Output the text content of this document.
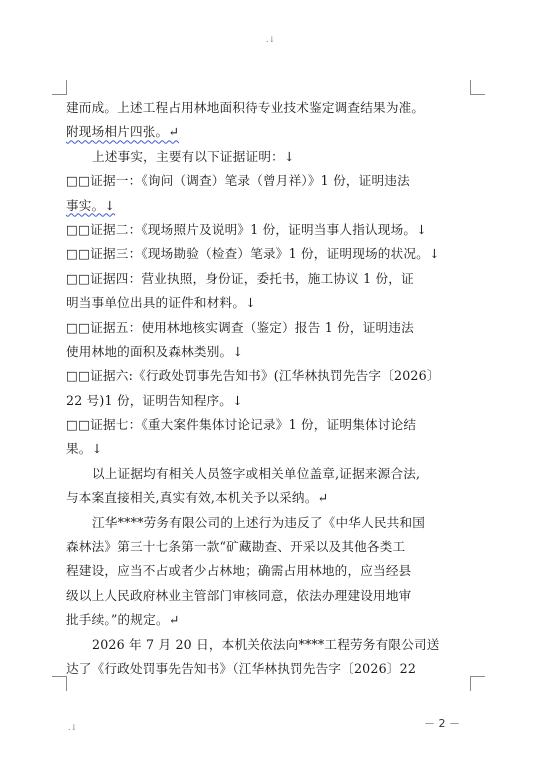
.↓
建而成。上述工程占用林地面积待专业技术鉴定调查结果为准。
附现场相片四张。↵
上述事实，主要有以下证据证明：↓
□□证据一：《询问（调查）笔录（曾月祥）》1 份，证明违法
事实。↓
□□证据二：《现场照片及说明》1 份，证明当事人指认现场。↓
□□证据三：《现场勘验（检查）笔录》1 份，证明现场的状况。↓
□□证据四：营业执照，身份证，委托书，施工协议 1 份，证
明当事单位出具的证件和材料。↓
□□证据五：使用林地核实调查（鉴定）报告 1 份，证明违法
使用林地的面积及森林类别。↓
□□证据六:《行政处罚事先告知书》(江华林执罚先告字〔2026〕
22 号)1 份，证明告知程序。↓
□□证据七：《重大案件集体讨论记录》1 份，证明集体讨论结
果。↓
以上证据均有相关人员签字或相关单位盖章,证据来源合法,
与本案直接相关,真实有效,本机关予以采纳。↵
江华****劳务有限公司的上述行为违反了《中华人民共和国
森林法》第三十七条第一款“矿藏勘查、开采以及其他各类工
程建设，应当不占或者少占林地；确需占用林地的，应当经县
级以上人民政府林业主管部门审核同意，依法办理建设用地审
批手续。”的规定。↵
2026 年 7 月 20 日，本机关依法向****工程劳务有限公司送
达了《行政处罚事先告知书》（江华林执罚先告字〔2026〕22
－ 2 －
.↓
